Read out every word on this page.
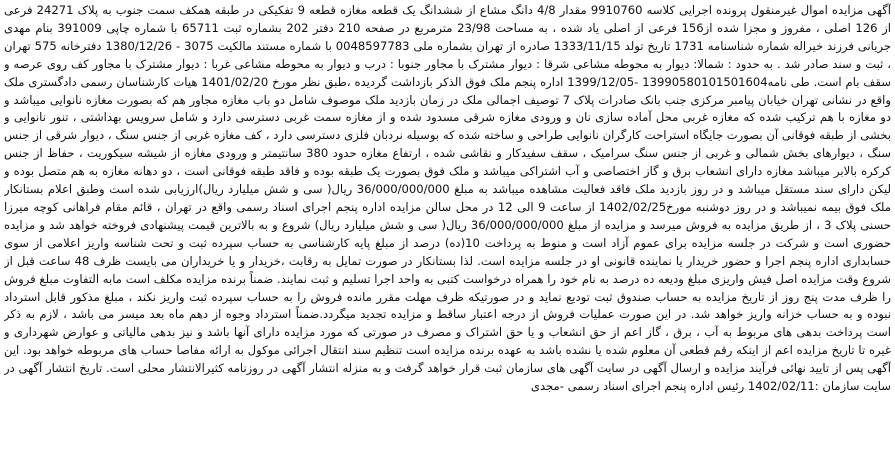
آگهی مزایده اموال غیرمنقول پرونده اجرایی کلاسه 9910760 مقدار 4/8 دانگ مشاع از ششدانگ یک قطعه مغازه قطعه 9 تفکیکی در طبقه همکف سمت جنوب به پلاک 24271 فرعی از 126 اصلی ، مفروز و مجزا شده از156 فرعی از اصلی یاد شده ، به مساحت 23/98 مترمربع در صفحه 210 دفتر 202 بشماره ثبت 65711 با شماره چاپی 391009 بنام مهدی جریانی فرزند خیراله شماره شناسنامه 1731 تاریخ تولد 1333/11/15 صادره از تهران بشماره ملی 0048597783 با شماره مستند مالکیت 3075 - 1380/12/26 دفترخانه 575 تهران ، ثبت و سند صادر شد . به حدود : شمالا: دیوار به محوطه مشاعی شرقا : دیوار مشترک با مجاور جنوبا : درب و دیوار به محوطه مشاعی غربا : دیوار مشترک با مجاور کف روی عرصه و سقف بام است. طی نامه13990580101501604 -1399/12/05 اداره پنجم ملک فوق الذکر بازداشت گردیده ،طبق نظر مورخ 1401/02/20 هیات کارشناسان رسمی دادگستری ملک واقع در نشانی تهران خیابان پیامبر مرکزی جنب بانک صادرات پلاک 7 توصیف اجمالی ملک در زمان بازدید ملک موصوف شامل دو باب مغازه مجاور هم که بصورت مغازه نانوایی میباشد و دو مغازه با هم ترکیب شده که مغازه غربی محل آماده سازی نان و ورودی مغازه شرقی مسدود شده و از مغازه سمت غربی دسترسی دارد و شامل سرویس بهداشتی ، تنور نانوایی و بخشی از طبقه فوقانی آن بصورت جایگاه استراحت کارگران نانوایی طراحی و ساخته شده که بوسیله نردبان فلزی دسترسی دارد ، کف مغازه غربی از جنس سنگ ، دیوار شرقی از جنس سنگ ، دیوارهای بخش شمالی و غربی از جنس سنگ سرامیک ، سقف سفیدکار و نقاشی شده ، ارتفاع مغازه حدود 380 سانتیمتر و ورودی مغازه از شیشه سیکوریت ، حفاظ از جنس کرکره بالابر میباشد مغازه دارای انشعاب برق و گاز اختصاصی و آب اشتراکی میباشد و ملک فوق بصورت یک طبقه بوده و فاقد طبقه فوقانی است ، دو دهانه مغازه به هم متصل بوده و لیکن دارای سند مستقل میباشد و در روز بازدید ملک فاقد فعالیت مشاهده میباشد به مبلغ 36/000/000/000 ریال( سی و شش میلیارد ریال)ارزیابی شده است وطبق اعلام بستانکار ملک فوق بیمه نمیباشد و در روز دوشنبه مورخ1402/02/25 از ساعت 9 الی 12 در محل سالن مزایده اداره پنجم اجرای اسناد رسمی واقع در تهران ، قائم مقام فراهانی کوچه میرزا حسنی پلاک 3 ، از طریق مزایده به فروش میرسد و مزایده از مبلغ 36/000/000/000 ریال( سی و شش میلیارد ریال) شروع و به بالاترین قیمت پیشنهادی فروخته خواهد شد و مزایده حضوری است و شرکت در جلسه مزایده برای عموم آزاد است و منوط به پرداخت 10(ده) درصد از مبلغ پایه کارشناسی به حساب سپرده ثبت و تحت شناسه واریز اعلامی از سوی حسابداری اداره پنجم اجرا و حضور خریدار یا نماینده قانونی او در جلسه مزایده است. لذا بستانکار در صورت تمایل به رقابت ،خریدار و یا خریداران می بایست ظرف 48 ساعت قبل از شروع وقت مزایده اصل فیش واریزی مبلغ ودیعه ده درصد به نام خود را همراه درخواست کتبی به واحد اجرا تسلیم و ثبت نمایند. ضمناً برنده مزایده مکلف است مابه التفاوت مبلغ فروش را ظرف مدت پنج روز از تاریخ مزایده به حساب صندوق ثبت تودیع نماید و در صورتیکه ظرف مهلت مقرر مانده فروش را به حساب سپرده ثبت واریز نکند ، مبلغ مذکور قابل استرداد نبوده و به حساب خزانه واریز خواهد شد. در این صورت عملیات فروش از درجه اعتبار ساقط و مزایده تجدید میگردد.ضمناً استرداد وجوه از دهم ماه بعد میسر می باشد ، لازم به ذکر است پرداخت بدهی های مربوط به آب ، برق ، گاز اعم از حق انشعاب و یا حق اشتراک و مصرف در صورتی که مورد مزایده دارای آنها باشد و نیز بدهی مالیاتی و عوارض شهرداری و غیره تا تاریخ مزایده اعم از اینکه رقم قطعی آن معلوم شده یا نشده باشد به عهده برنده مزایده است تنظیم سند انتقال اجرائی موکول به ارائه مفاصا حساب های مربوطه خواهد بود. این آگهی پس از تایید نهائی فرآیند مزایده و ارسال آگهی در سایت آگهی های سازمان ثبت قرار خواهد گرفت و به منزله انتشار آگهی در روزنامه کثیرالانتشار محلی است. تاریخ انتشار آگهی در سایت سازمان :1402/02/11 رئیس اداره پنجم اجرای اسناد رسمی -مجدی
